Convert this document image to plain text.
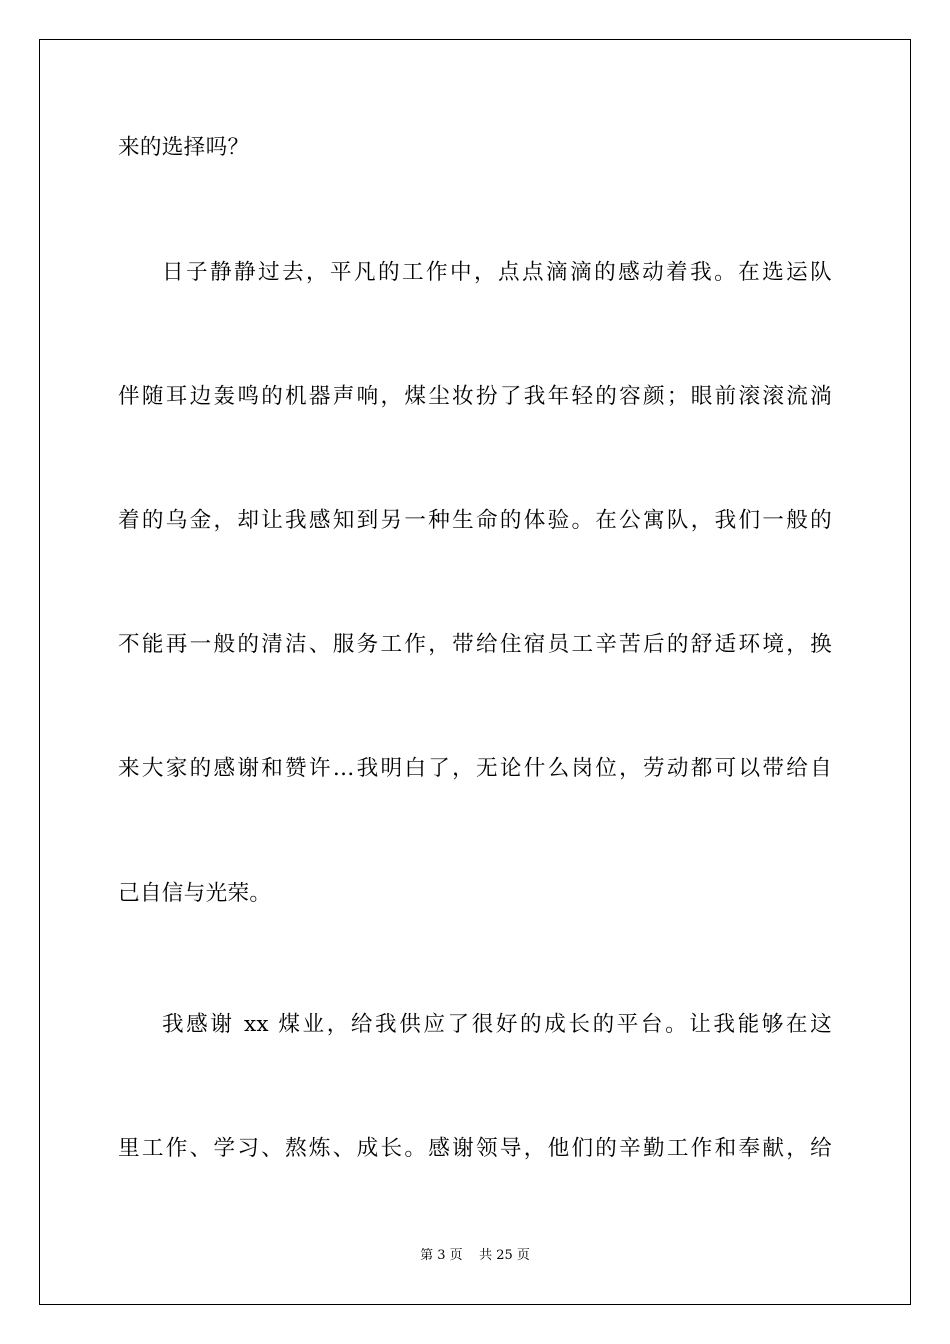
来的选择吗？
日子静静过去，平凡的工作中，点点滴滴的感动着我。在选运队
伴随耳边轰鸣的机器声响，煤尘妆扮了我年轻的容颜；眼前滚滚流淌
着的乌金，却让我感知到另一种生命的体验。在公寓队，我们一般的
不能再一般的清洁、服务工作，带给住宿员工辛苦后的舒适环境，换
来大家的感谢和赞许…我明白了，无论什么岗位，劳动都可以带给自
己自信与光荣。
我感谢 xx 煤业，给我供应了很好的成长的平台。让我能够在这
里工作、学习、熬炼、成长。感谢领导，他们的辛勤工作和奉献，给
第 3 页    共 25 页
